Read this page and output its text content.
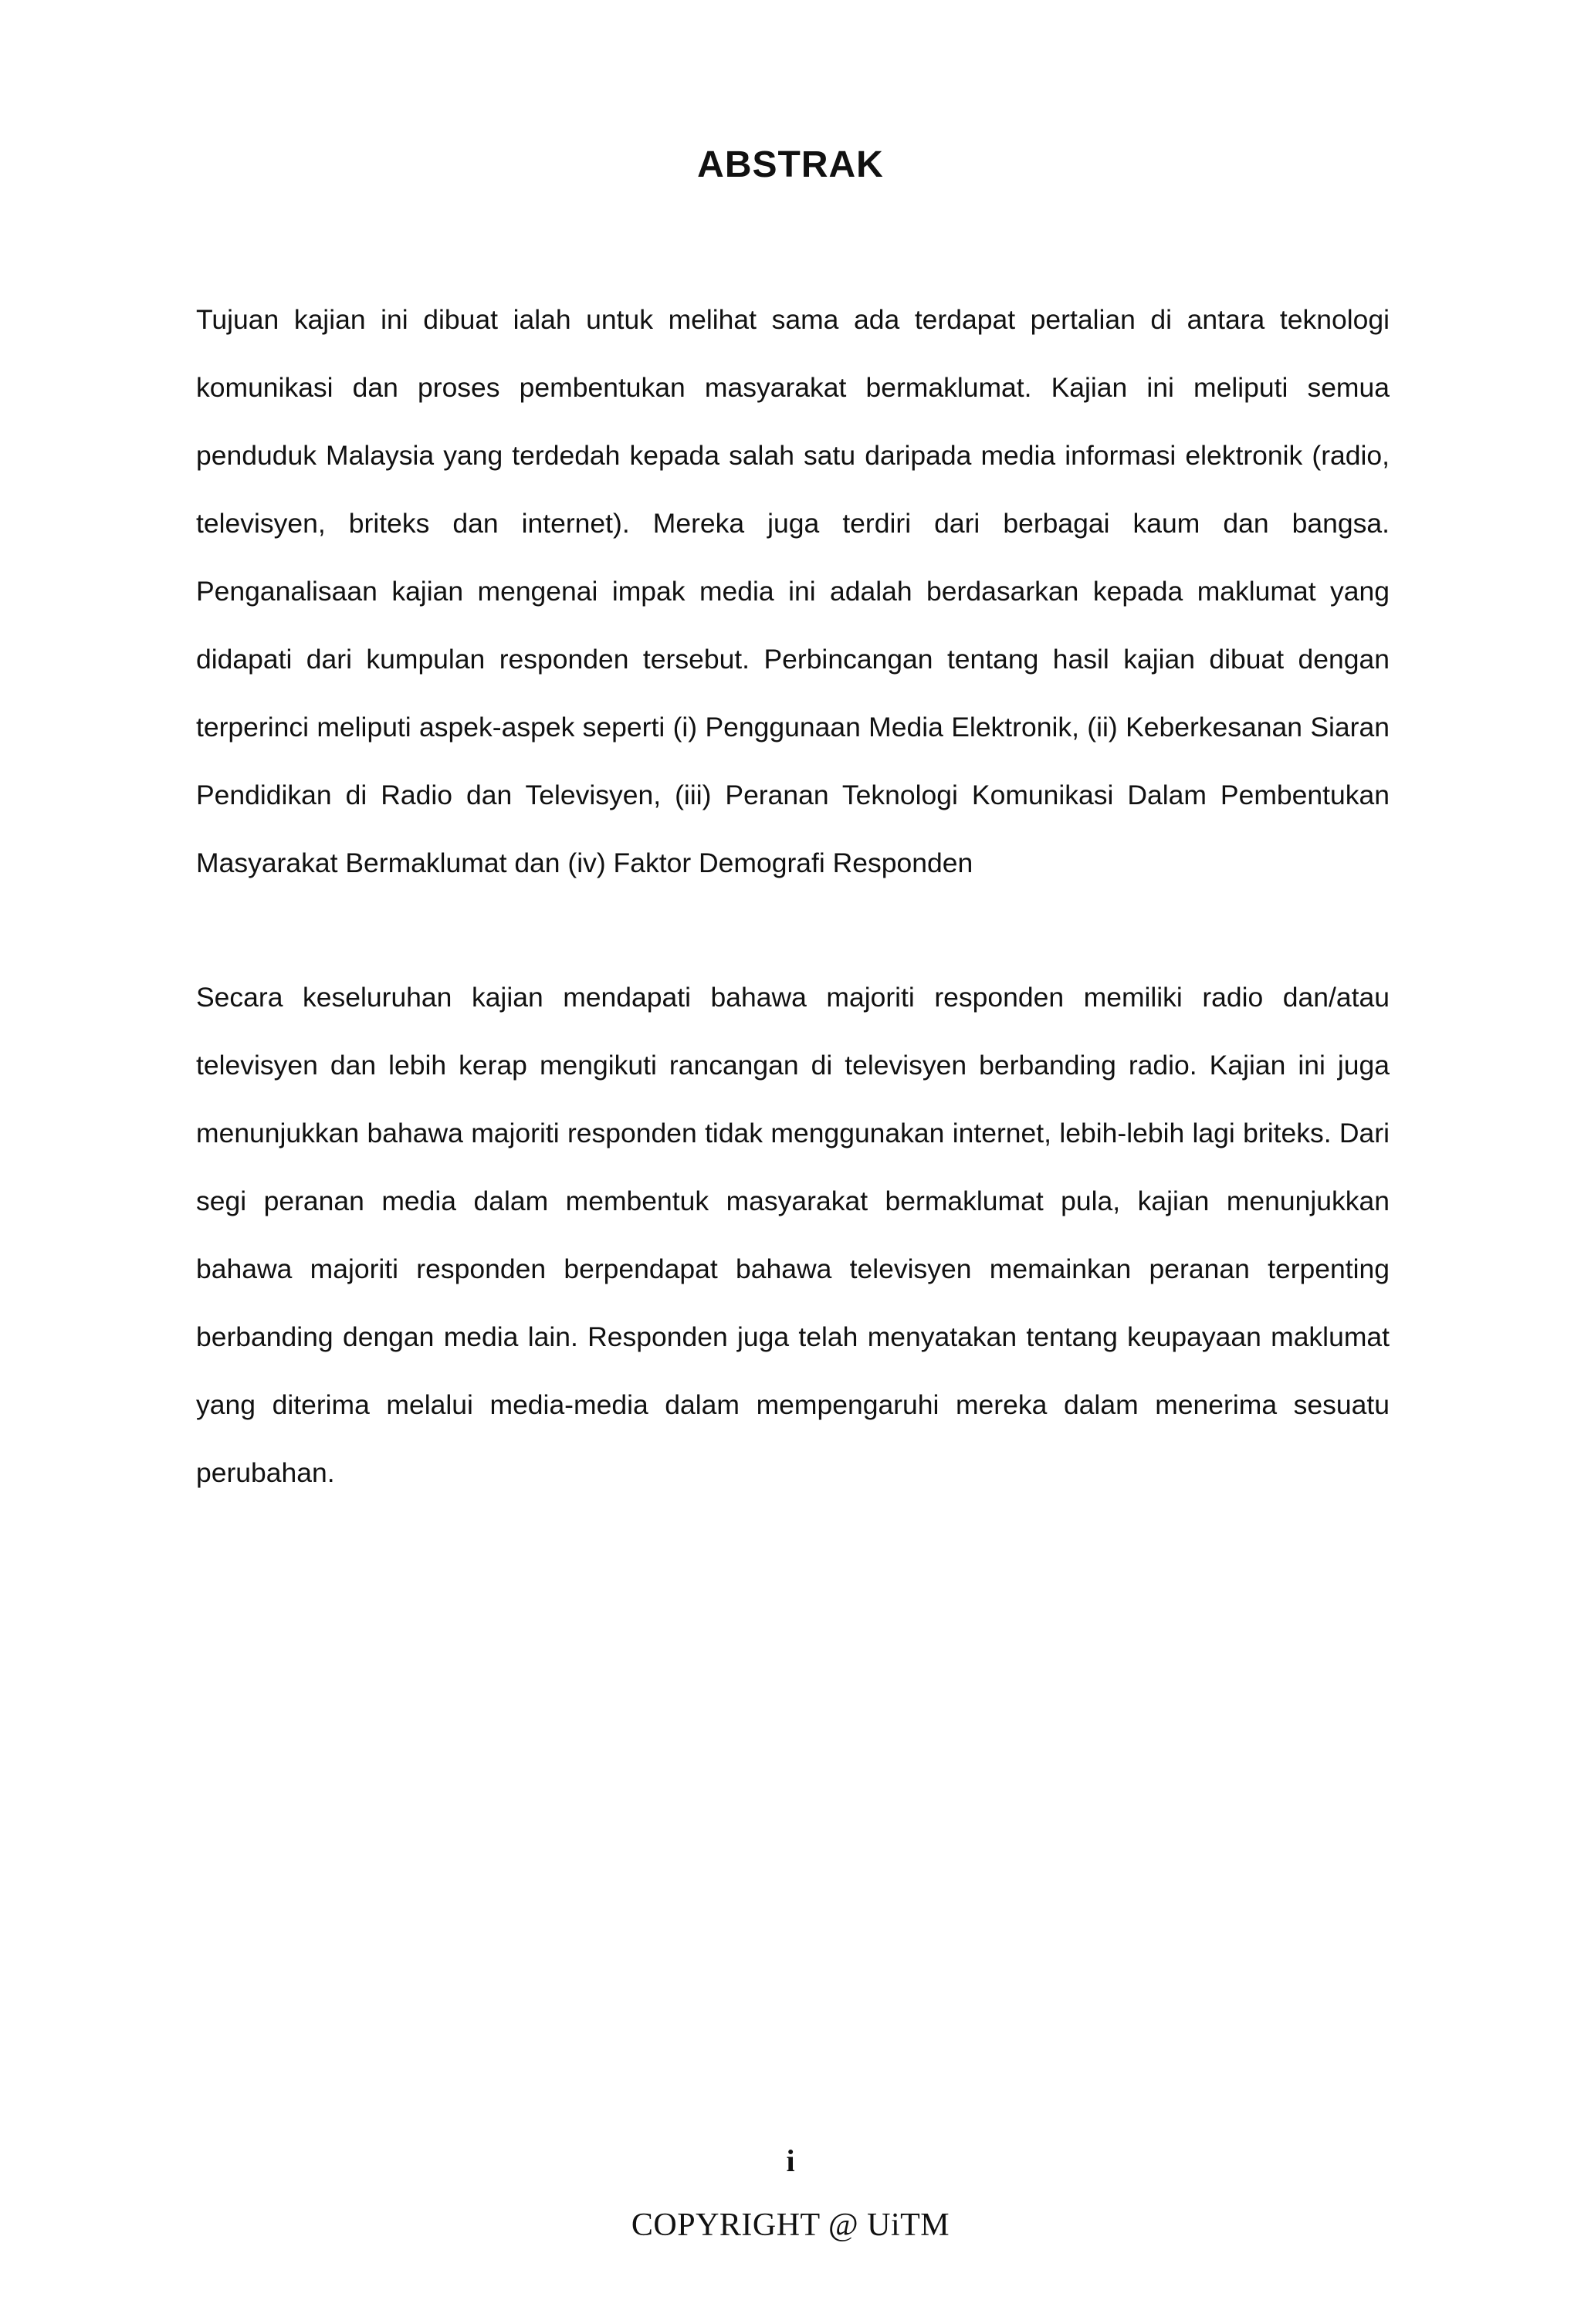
ABSTRAK

Tujuan kajian ini dibuat ialah untuk melihat sama ada terdapat pertalian di antara teknologi komunikasi dan proses pembentukan masyarakat bermaklumat. Kajian ini meliputi semua penduduk Malaysia yang terdedah kepada salah satu daripada media informasi elektronik (radio, televisyen, briteks dan internet). Mereka juga terdiri dari berbagai kaum dan bangsa. Penganalisaan kajian mengenai impak media ini adalah berdasarkan kepada maklumat yang didapati dari kumpulan responden tersebut. Perbincangan tentang hasil kajian dibuat dengan terperinci meliputi aspek-aspek seperti (i) Penggunaan Media Elektronik, (ii) Keberkesanan Siaran Pendidikan di Radio dan Televisyen, (iii) Peranan Teknologi Komunikasi Dalam Pembentukan Masyarakat Bermaklumat dan (iv) Faktor Demografi Responden

Secara keseluruhan kajian mendapati bahawa majoriti responden memiliki radio dan/atau televisyen dan lebih kerap mengikuti rancangan di televisyen berbanding radio. Kajian ini juga menunjukkan bahawa majoriti responden tidak menggunakan internet, lebih-lebih lagi briteks. Dari segi peranan media dalam membentuk masyarakat bermaklumat pula, kajian menunjukkan bahawa majoriti responden berpendapat bahawa televisyen memainkan peranan terpenting berbanding dengan media lain. Responden juga telah menyatakan tentang keupayaan maklumat yang diterima melalui media-media dalam mempengaruhi mereka dalam menerima sesuatu perubahan.

i
COPYRIGHT @ UiTM
